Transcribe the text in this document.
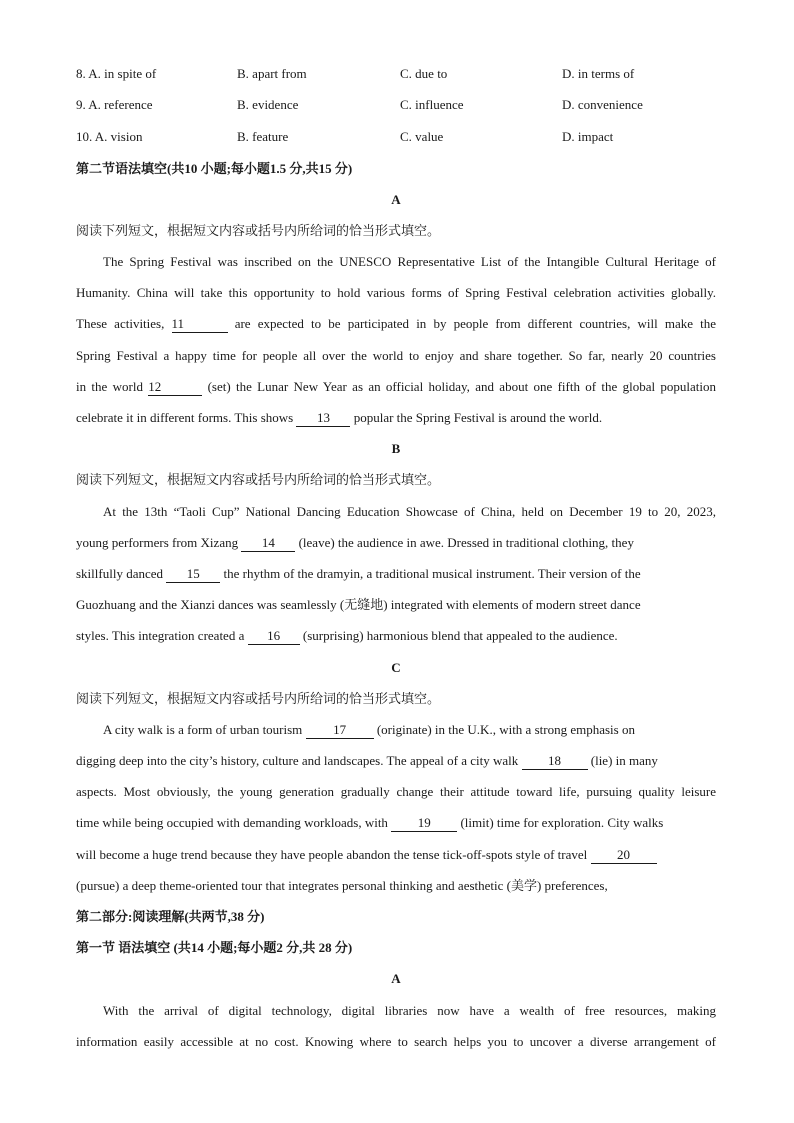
8. A. in spite of	B. apart from	C. due to	D. in terms of
9. A. reference	B. evidence	C. influence	D. convenience
10. A. vision	B. feature	C. value	D. impact
第二节语法填空(共10 小题;每小题1.5 分,共15 分)
A
阅读下列短文，根据短文内容或括号内所给词的恰当形式填空。
The Spring Festival was inscribed on the UNESCO Representative List of the Intangible Cultural Heritage of
Humanity. China will take this opportunity to hold various forms of Spring Festival celebration activities globally.
These activities, 11	are expected to be participated in by people from different countries, will make the
Spring Festival a happy time for people all over the world to enjoy and share together. So far, nearly 20 countries
in the world 12	(set) the Lunar New Year as an official holiday, and about one fifth of the global population
celebrate it in different forms. This shows 13 popular the Spring Festival is around the world.
B
阅读下列短文，根据短文内容或括号内所给词的恰当形式填空。
At the 13th “Taoli Cup” National Dancing Education Showcase of China, held on December 19 to 20, 2023,
young performers from Xizang 14 (leave) the audience in awe. Dressed in traditional clothing, they
skillfully danced 15 the rhythm of the dramyin, a traditional musical instrument. Their version of the
Guozhuang and the Xianzi dances was seamlessly (无缝地) integrated with elements of modern street dance
styles. This integration created a 16 (surprising) harmonious blend that appealed to the audience.
C
阅读下列短文，根据短文内容或括号内所给词的恰当形式填空。
A city walk is a form of urban tourism 17 (originate) in the U.K., with a strong emphasis on
digging deep into the city’s history, culture and landscapes. The appeal of a city walk 18 (lie) in many
aspects. Most obviously, the young generation gradually change their attitude toward life, pursuing quality leisure
time while being occupied with demanding workloads, with 19 (limit) time for exploration. City walks
will become a huge trend because they have people abandon the tense tick-off-spots style of travel 20
(pursue) a deep theme-oriented tour that integrates personal thinking and aesthetic (美学) preferences,
第二部分:阅读理解(共两节,38 分)
第一节 语法填空 (共14 小题;每小题2 分,共 28 分)
A
With the arrival of digital technology, digital libraries now have a wealth of free resources, making
information easily accessible at no cost. Knowing where to search helps you to uncover a diverse arrangement of
